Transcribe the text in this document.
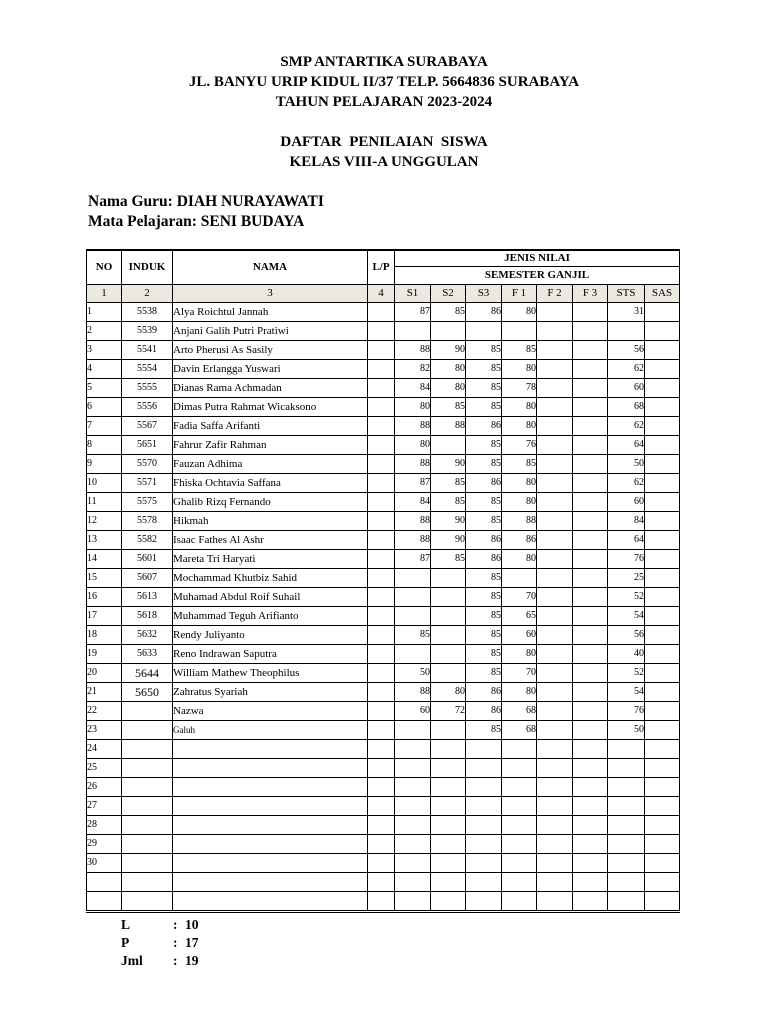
SMP ANTARTIKA SURABAYA
JL. BANYU URIP KIDUL II/37 TELP. 5664836 SURABAYA
TAHUN PELAJARAN 2023-2024
DAFTAR  PENILAIAN  SISWA
KELAS VIII-A UNGGULAN
Nama Guru: DIAH NURAYAWATI
Mata Pelajaran: SENI BUDAYA
NO	INDUK	NAMA	L/P	JENIS NILAI							
				SEMESTER GANJIL							
1	2	3	4	S1	S2	S3	F 1	F 2	F 3	STS	SAS
1	5538	Alya Roichtul Jannah		87	85	86	80			31	
2	5539	Anjani Galih Putri Pratiwi									
3	5541	Arto Pherusi As Sasily		88	90	85	85			56	
4	5554	Davin Erlangga Yuswari		82	80	85	80			62	
5	5555	Dianas Rama Achmadan		84	80	85	78			60	
6	5556	Dimas Putra Rahmat Wicaksono		80	85	85	80			68	
7	5567	Fadia Saffa Arifanti		88	88	86	80			62	
8	5651	Fahrur Zafir Rahman		80		85	76			64	
9	5570	Fauzan Adhima		88	90	85	85			50	
10	5571	Fhiska Ochtavia Saffana		87	85	86	80			62	
11	5575	Ghalib Rizq Fernando		84	85	85	80			60	
12	5578	Hikmah		88	90	85	88			84	
13	5582	Isaac Fathes Al Ashr		88	90	86	86			64	
14	5601	Mareta Tri Haryati		87	85	86	80			76	
15	5607	Mochammad Khutbiz Sahid				85				25	
16	5613	Muhamad Abdul Roif Suhail				85	70			52	
17	5618	Muhammad Teguh Arifianto				85	65			54	
18	5632	Rendy Juliyanto		85		85	60			56	
19	5633	Reno Indrawan Saputra				85	80			40	
20	5644	William Mathew Theophilus		50		85	70			52	
21	5650	Zahratus Syariah		88	80	86	80			54	
22		Nazwa		60	72	86	68			76	
23		Galuh				85	68			50	
24											
25											
26											
27											
28											
29											
30											

L	: 10
P	: 17
Jml	: 19
